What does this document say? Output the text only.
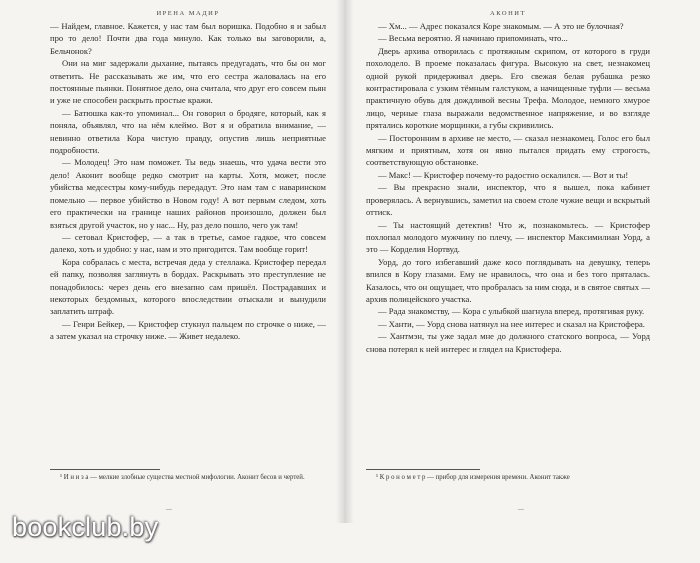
ИРЕНА МАДИР

— Найдем, главное. Кажется, у нас там был воришка. Подобно я и забыл про то дело! Почти два года минуло. Как только вы заговорили, а, Бельчонок?

Они на миг задержали дыхание, пытаясь предугадать, что бы он мог ответить. Не рассказывать же им, что его сестра жаловалась на его постоянные пьянки. Понятное дело, она считала, что друг его совсем пьян и уже не способен раскрыть простые кражи.

— Батюшка как-то упоминал... Он говорил о бродяге, который, как я поняла, объявлял, что на нём клеймо. Вот я и обратила внимание, — невинно ответила Кора чистую правду, опустив лишь неприятные подробности.

— Молодец! Это нам поможет. Ты ведь знаешь, что удача вести это дело! Аконит вообще редко смотрит на карты. Хотя, может, после убийства медсестры кому-нибудь передадут. Это нам там с наваринском помельно — первое убийство в Новом году! А вот первым следом, хоть его практически на границе наших районов произошло, должен был взяться другой участок, но у нас... Ну, раз дело пошло, чего уж там!

— сетовал Кристофер, — а так в третье, самое гадкое, что совсем далеко, хоть и удобно: у нас, нам и это пригодится. Там вообще горит!

Кора собралась с места, встречая деда у стеллажа. Кристофер передал ей папку, позволяя заглянуть в бордах. Раскрывать это преступление не понадобилось: через день его внезапно сам пришёл. Пострадавших и некоторых бездомных, которого впоследствии отыскали и вынудили заплатить штраф.

— Генри Бейкер, — Кристофер стукнул пальцем по строчке о ниже, — а затем указал на строчку ниже. — Живет недалеко.

¹ И н и з а — мелкие злобные существа местной мифологии. Аконит бесов и чертей.

—
АКОНИТ

— Хм... — Адрес показался Коре знакомым. — А это не булочная?

— Весьма вероятно. Я начинаю припоминать, что...

Дверь архива отворилась с протяжным скрипом, от которого в груди похолодело. В проеме показалась фигура. Высокую на свет, незнакомец одной рукой придерживал дверь. Его свежая белая рубашка резко контрастировала с узким тёмным галстуком, а начищенные туфли — весьма практичную обувь для дождливой весны Трефа. Молодое, немного хмурое лицо, черные глаза выражали ведомственное напряжение, и во взгляде прятались короткие морщинки, а губы скривились.

— Посторонним в архиве не место, — сказал незнакомец. Голос его был мягким и приятным, хотя он явно пытался придать ему строгость, соответствующую обстановке.

— Макс! — Кристофер почему-то радостно оскалился. — Вот и ты!

— Вы прекрасно знали, инспектор, что я вышел, пока кабинет проверялась. А вернувшись, заметил на своем столе чужие вещи и вскрытый оттиск.

— Ты настоящий детектив! Что ж, познакомьтесь. — Кристофер похлопал молодого мужчину по плечу, — инспектор Максимилиан Уорд, а это — Корделия Нортвуд.

Уорд, до того избегавший даже косо поглядывать на девушку, теперь впился в Кору глазами. Ему не нравилось, что она и без того пряталась. Казалось, что он ощущает, что пробралась за ним сюда, и в святое святых — архив полицейского участка.

— Рада знакомству, — Кора с улыбкой шагнула вперед, протягивая руку.

— Ханти, — Уорд снова натянул на нее интерес и сказал на Кристофера.

— Хантмэн, ты уже задал мне до должного статского вопроса, — Уорд снова потерял к ней интерес и глядел на Кристофера.

¹ К р о н о м е т р — прибор для измерения времени. Аконит также

—
bookclub.by
